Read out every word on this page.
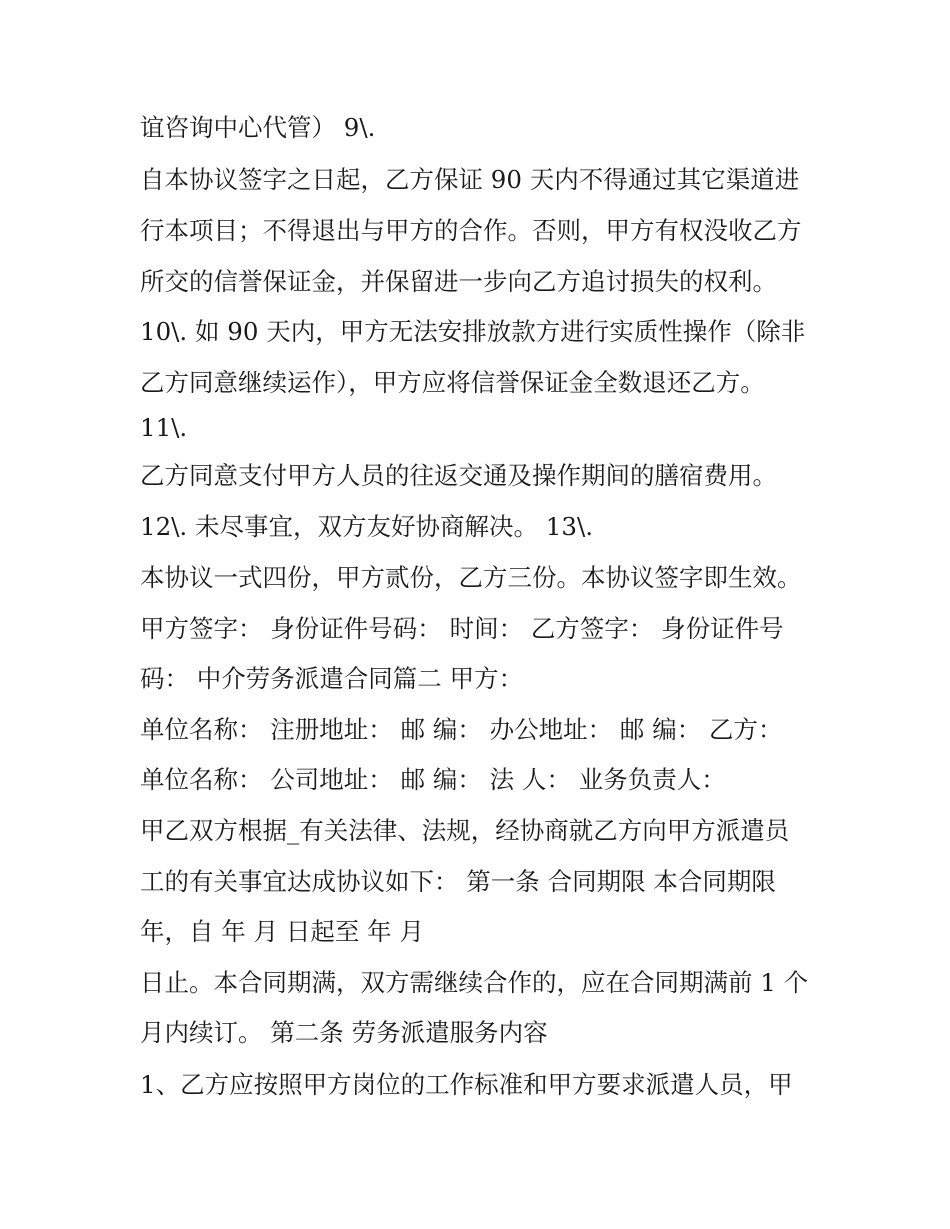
谊咨询中心代管） 9\.

自本协议签字之日起，乙方保证 90 天内不得通过其它渠道进

行本项目；不得退出与甲方的合作。否则，甲方有权没收乙方

所交的信誉保证金，并保留进一步向乙方追讨损失的权利。

10\. 如 90 天内，甲方无法安排放款方进行实质性操作（除非

乙方同意继续运作），甲方应将信誉保证金全数退还乙方。

11\.

乙方同意支付甲方人员的往返交通及操作期间的膳宿费用。

12\. 未尽事宜，双方友好协商解决。 13\.

本协议一式四份，甲方贰份，乙方三份。本协议签字即生效。

甲方签字： 身份证件号码： 时间： 乙方签字： 身份证件号

码： 中介劳务派遣合同篇二 甲方：

单位名称： 注册地址： 邮 编： 办公地址： 邮 编： 乙方：

单位名称： 公司地址： 邮 编： 法 人： 业务负责人：

甲乙双方根据_有关法律、法规，经协商就乙方向甲方派遣员

工的有关事宜达成协议如下： 第一条 合同期限 本合同期限

年，自 年 月 日起至 年 月

日止。本合同期满，双方需继续合作的，应在合同期满前 1 个

月内续订。 第二条 劳务派遣服务内容

1、乙方应按照甲方岗位的工作标准和甲方要求派遣人员，甲
